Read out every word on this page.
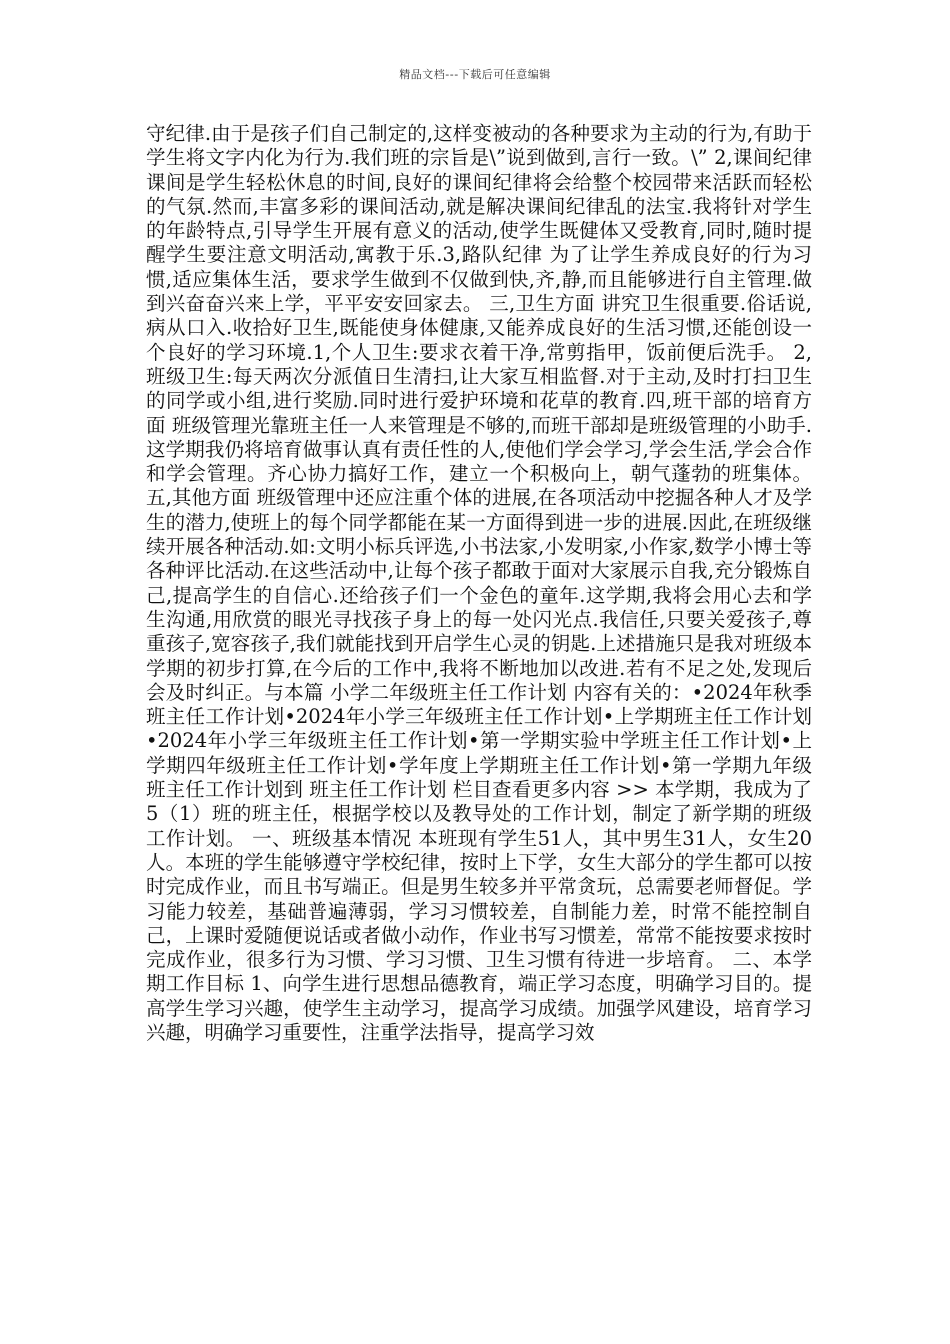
精品文档---下载后可任意编辑

守纪律.由于是孩子们自己制定的,这样变被动的各种要求为主动的行为,有助于学生将文字内化为行为.我们班的宗旨是\”说到做到,言行一致。\” 2,课间纪律 课间是学生轻松休息的时间,良好的课间纪律将会给整个校园带来活跃而轻松的气氛.然而,丰富多彩的课间活动,就是解决课间纪律乱的法宝.我将针对学生的年龄特点,引导学生开展有意义的活动,使学生既健体又受教育,同时,随时提醒学生要注意文明活动,寓教于乐.3,路队纪律 为了让学生养成良好的行为习惯,适应集体生活，要求学生做到不仅做到快,齐,静,而且能够进行自主管理.做到兴奋奋兴来上学，平平安安回家去。 三,卫生方面 讲究卫生很重要.俗话说,病从口入.收拾好卫生,既能使身体健康,又能养成良好的生活习惯,还能创设一个良好的学习环境.1,个人卫生:要求衣着干净,常剪指甲，饭前便后洗手。 2,班级卫生:每天两次分派值日生清扫,让大家互相监督.对于主动,及时打扫卫生的同学或小组,进行奖励.同时进行爱护环境和花草的教育.四,班干部的培育方面 班级管理光靠班主任一人来管理是不够的,而班干部却是班级管理的小助手.这学期我仍将培育做事认真有责任性的人,使他们学会学习,学会生活,学会合作和学会管理。齐心协力搞好工作，建立一个积极向上，朝气蓬勃的班集体。 五,其他方面 班级管理中还应注重个体的进展,在各项活动中挖掘各种人才及学生的潜力,使班上的每个同学都能在某一方面得到进一步的进展.因此,在班级继续开展各种活动.如:文明小标兵评选,小书法家,小发明家,小作家,数学小博士等各种评比活动.在这些活动中,让每个孩子都敢于面对大家展示自我,充分锻炼自己,提高学生的自信心.还给孩子们一个金色的童年.这学期,我将会用心去和学生沟通,用欣赏的眼光寻找孩子身上的每一处闪光点.我信任,只要关爱孩子,尊重孩子,宽容孩子,我们就能找到开启学生心灵的钥匙.上述措施只是我对班级本学期的初步打算,在今后的工作中,我将不断地加以改进.若有不足之处,发现后会及时纠正。与本篇 小学二年级班主任工作计划 内容有关的：•2024年秋季班主任工作计划•2024年小学三年级班主任工作计划•上学期班主任工作计划•2024年小学三年级班主任工作计划•第一学期实验中学班主任工作计划•上学期四年级班主任工作计划•学年度上学期班主任工作计划•第一学期九年级班主任工作计划到 班主任工作计划 栏目查看更多内容 >> 本学期，我成为了5（1）班的班主任，根据学校以及教导处的工作计划，制定了新学期的班级工作计划。 一、班级基本情况 本班现有学生51人，其中男生31人，女生20人。本班的学生能够遵守学校纪律，按时上下学，女生大部分的学生都可以按时完成作业，而且书写端正。但是男生较多并平常贪玩，总需要老师督促。学习能力较差，基础普遍薄弱，学习习惯较差，自制能力差，时常不能控制自己，上课时爱随便说话或者做小动作，作业书写习惯差，常常不能按要求按时完成作业，很多行为习惯、学习习惯、卫生习惯有待进一步培育。 二、本学期工作目标 1、向学生进行思想品德教育，端正学习态度，明确学习目的。提高学生学习兴趣，使学生主动学习，提高学习成绩。加强学风建设，培育学习兴趣，明确学习重要性，注重学法指导，提高学习效
